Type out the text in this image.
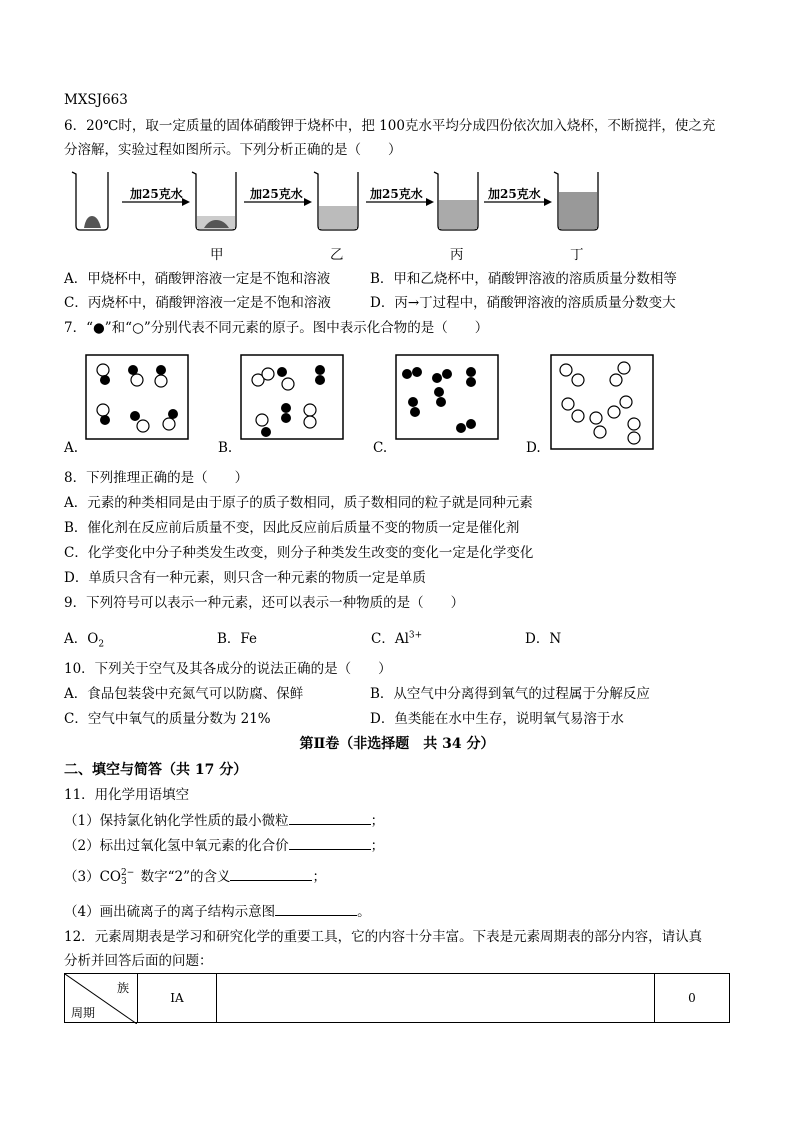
MXSJ663
6．20℃时，取一定质量的固体硝酸钾于烧杯中，把 100克水平均分成四份依次加入烧杯，不断搅拌，使之充
分溶解，实验过程如图所示。下列分析正确的是（　　）
加25克水	加25克水	加25克水	加25克水
甲	乙	丙	丁
A．甲烧杯中，硝酸钾溶液一定是不饱和溶液	B．甲和乙烧杯中，硝酸钾溶液的溶质质量分数相等
C．丙烧杯中，硝酸钾溶液一定是不饱和溶液	D．丙→丁过程中，硝酸钾溶液的溶质质量分数变大
7．“●”和“○”分别代表不同元素的原子。图中表示化合物的是（　　）
A.	B.	C.	D.
8．下列推理正确的是（　　）
A．元素的种类相同是由于原子的质子数相同，质子数相同的粒子就是同种元素
B．催化剂在反应前后质量不变，因此反应前后质量不变的物质一定是催化剂
C．化学变化中分子种类发生改变，则分子种类发生改变的变化一定是化学变化
D．单质只含有一种元素，则只含一种元素的物质一定是单质
9．下列符号可以表示一种元素，还可以表示一种物质的是（　　）
A．$O_2$	B．Fe	C．$Al^{3+}$	D．N
10．下列关于空气及其各成分的说法正确的是（　　）
A．食品包装袋中充氮气可以防腐、保鲜	B．从空气中分离得到氧气的过程属于分解反应
C．空气中氧气的质量分数为 21%	D．鱼类能在水中生存，说明氧气易溶于水
第Ⅱ卷（非选择题　共 34 分）
二、填空与简答（共 17 分）
11．用化学用语填空
（1）保持氯化钠化学性质的最小微粒	；
（2）标出过氧化氢中氧元素的化合价	；
（3）CO 2−
3 数字“2”的含义	；
（4）画出硫离子的离子结构示意图	。
12．元素周期表是学习和研究化学的重要工具，它的内容十分丰富。下表是元素周期表的部分内容，请认真
分析并回答后面的问题：
族
周期
	ⅠA		0
